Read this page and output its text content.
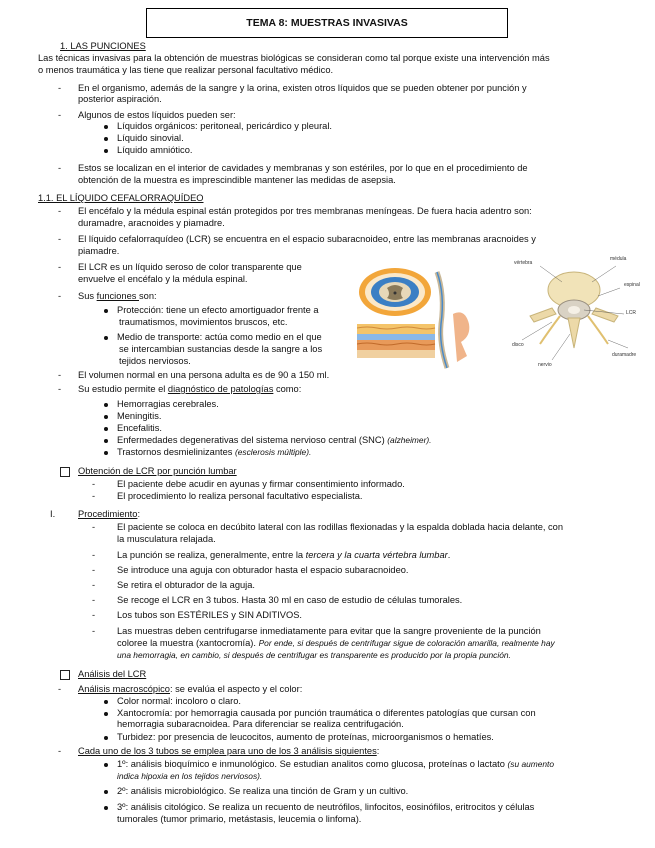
TEMA 8: MUESTRAS INVASIVAS
1. LAS PUNCIONES
Las técnicas invasivas para la obtención de muestras biológicas se consideran como tal porque existe una intervención más
o menos traumática y las tiene que realizar personal facultativo médico.
- En el organismo, además de la sangre y la orina, existen otros líquidos que se pueden obtener por punción y
posterior aspiración.
- Algunos de estos líquidos pueden ser:
Líquidos orgánicos: peritoneal, pericárdico y pleural.
Líquido sinovial.
Líquido amniótico.
- Estos se localizan en el interior de cavidades y membranas y son estériles, por lo que en el procedimiento de
obtención de la muestra es imprescindible mantener las medidas de asepsia.
1.1. EL LÍQUIDO CEFALORRAQUÍDEO
- El encéfalo y la médula espinal están protegidos por tres membranas meníngeas. De fuera hacia adentro son:
duramadre, aracnoides y piamadre.
- El líquido cefalorraquídeo (LCR) se encuentra en el espacio subaracnoideo, entre las membranas aracnoides y
piamadre.
- El LCR es un líquido seroso de color transparente que
envuelve el encéfalo y la médula espinal.
- Sus funciones son:
Protección: tiene un efecto amortiguador frente a
traumatismos, movimientos bruscos, etc.
Medio de transporte: actúa como medio en el que
se intercambian sustancias desde la sangre a los
tejidos nerviosos.
- El volumen normal en una persona adulta es de 90 a 150 ml.
- Su estudio permite el diagnóstico de patologías como:
Hemorragias cerebrales.
Meningitis.
Encefalitis.
Enfermedades degenerativas del sistema nervioso central (SNC) (alzheimer).
Trastornos desmielinizantes (esclerosis múltiple).
vértebra
médula
espinal
LCR
disco
nervio
duramadre
Obtención de LCR por punción lumbar
- El paciente debe acudir en ayunas y firmar consentimiento informado.
- El procedimiento lo realiza personal facultativo especialista.
I. Procedimiento:
- El paciente se coloca en decúbito lateral con las rodillas flexionadas y la espalda doblada hacia delante, con
la musculatura relajada.
- La punción se realiza, generalmente, entre la tercera y la cuarta vértebra lumbar.
- Se introduce una aguja con obturador hasta el espacio subaracnoideo.
- Se retira el obturador de la aguja.
- Se recoge el LCR en 3 tubos. Hasta 30 ml en caso de estudio de células tumorales.
- Los tubos son ESTÉRILES y SIN ADITIVOS.
- Las muestras deben centrifugarse inmediatamente para evitar que la sangre proveniente de la punción
coloree la muestra (xantocromía). Por ende, si después de centrifugar sigue de coloración amarilla, realmente hay
una hemorragia, en cambio, si después de centrifugar es transparente es producido por la propia punción.
Análisis del LCR
- Análisis macroscópico: se evalúa el aspecto y el color:
Color normal: incoloro o claro.
Xantocromía: por hemorragia causada por punción traumática o diferentes patologías que cursan con
hemorragia subaracnoidea. Para diferenciar se realiza centrifugación.
Turbidez: por presencia de leucocitos, aumento de proteínas, microorganismos o hematíes.
- Cada uno de los 3 tubos se emplea para uno de los 3 análisis siguientes:
1º: análisis bioquímico e inmunológico. Se estudian analitos como glucosa, proteínas o lactato (su aumento
indica hipoxia en los tejidos nerviosos).
2º: análisis microbiológico. Se realiza una tinción de Gram y un cultivo.
3º: análisis citológico. Se realiza un recuento de neutrófilos, linfocitos, eosinófilos, eritrocitos y células
tumorales (tumor primario, metástasis, leucemia o linfoma).
